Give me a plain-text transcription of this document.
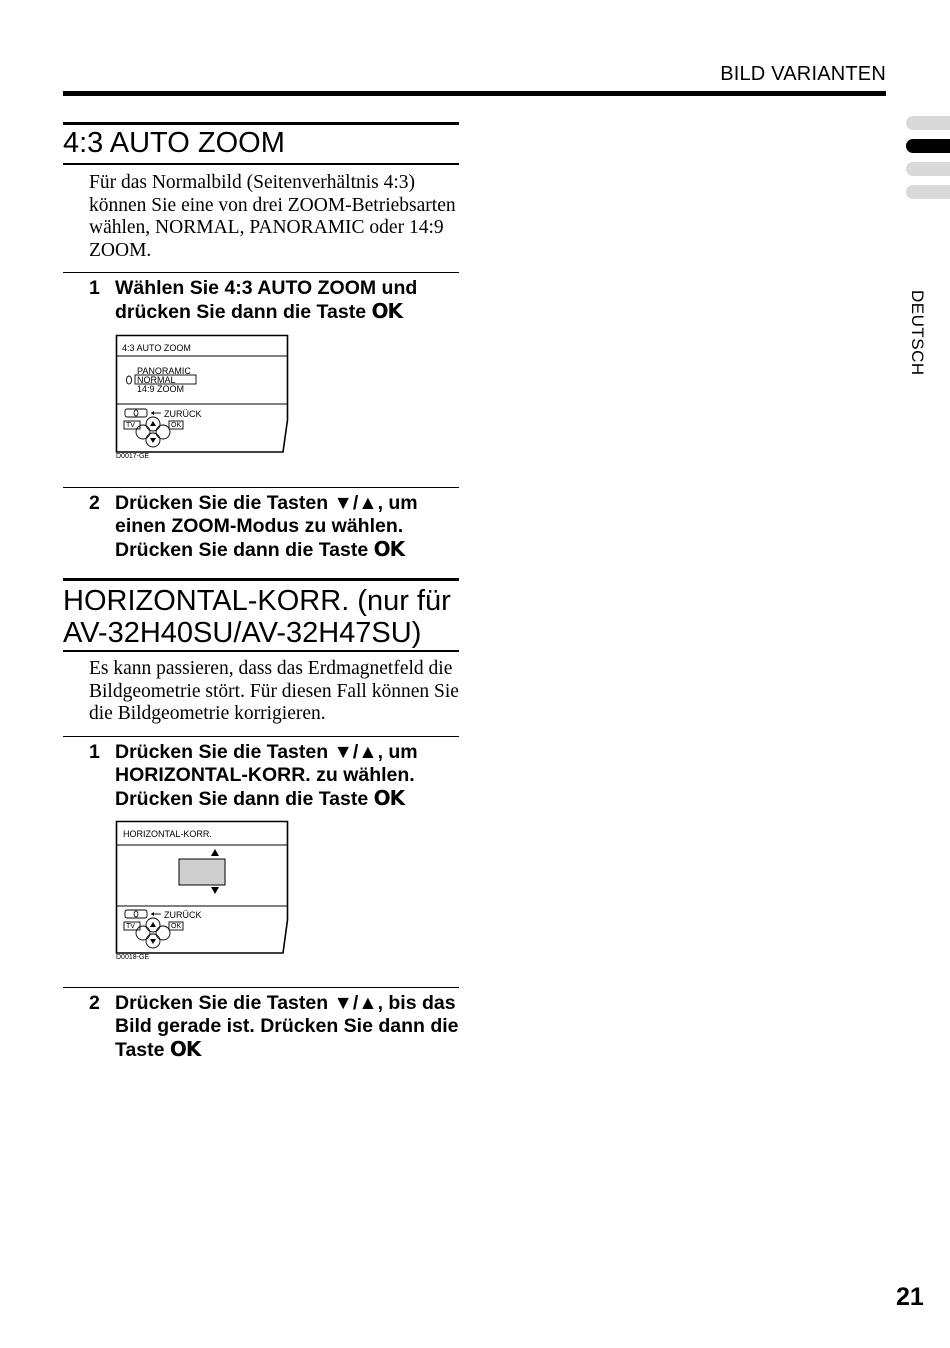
BILD VARIANTEN
DEUTSCH
4:3 AUTO ZOOM
Für das Normalbild (Seitenverhältnis 4:3) können Sie eine von drei ZOOM-Betriebsarten wählen, NORMAL, PANORAMIC oder 14:9 ZOOM.
1 Wählen Sie 4:3 AUTO ZOOM und drücken Sie dann die Taste OK
4:3 AUTO ZOOM
PANORAMIC
NORMAL
14:9 ZOOM
ZURÜCK
TV	OK
D0017-GE
2 Drücken Sie die Tasten ▼/▲, um einen ZOOM-Modus zu wählen. Drücken Sie dann die Taste OK
HORIZONTAL-KORR. (nur für
AV-32H40SU/AV-32H47SU)
Es kann passieren, dass das Erdmagnetfeld die Bildgeometrie stört. Für diesen Fall können Sie die Bildgeometrie korrigieren.
1 Drücken Sie die Tasten ▼/▲, um HORIZONTAL-KORR. zu wählen. Drücken Sie dann die Taste OK
HORIZONTAL-KORR.
ZURÜCK
TV	OK
D0018-GE
2 Drücken Sie die Tasten ▼/▲, bis das Bild gerade ist. Drücken Sie dann die Taste OK
21
